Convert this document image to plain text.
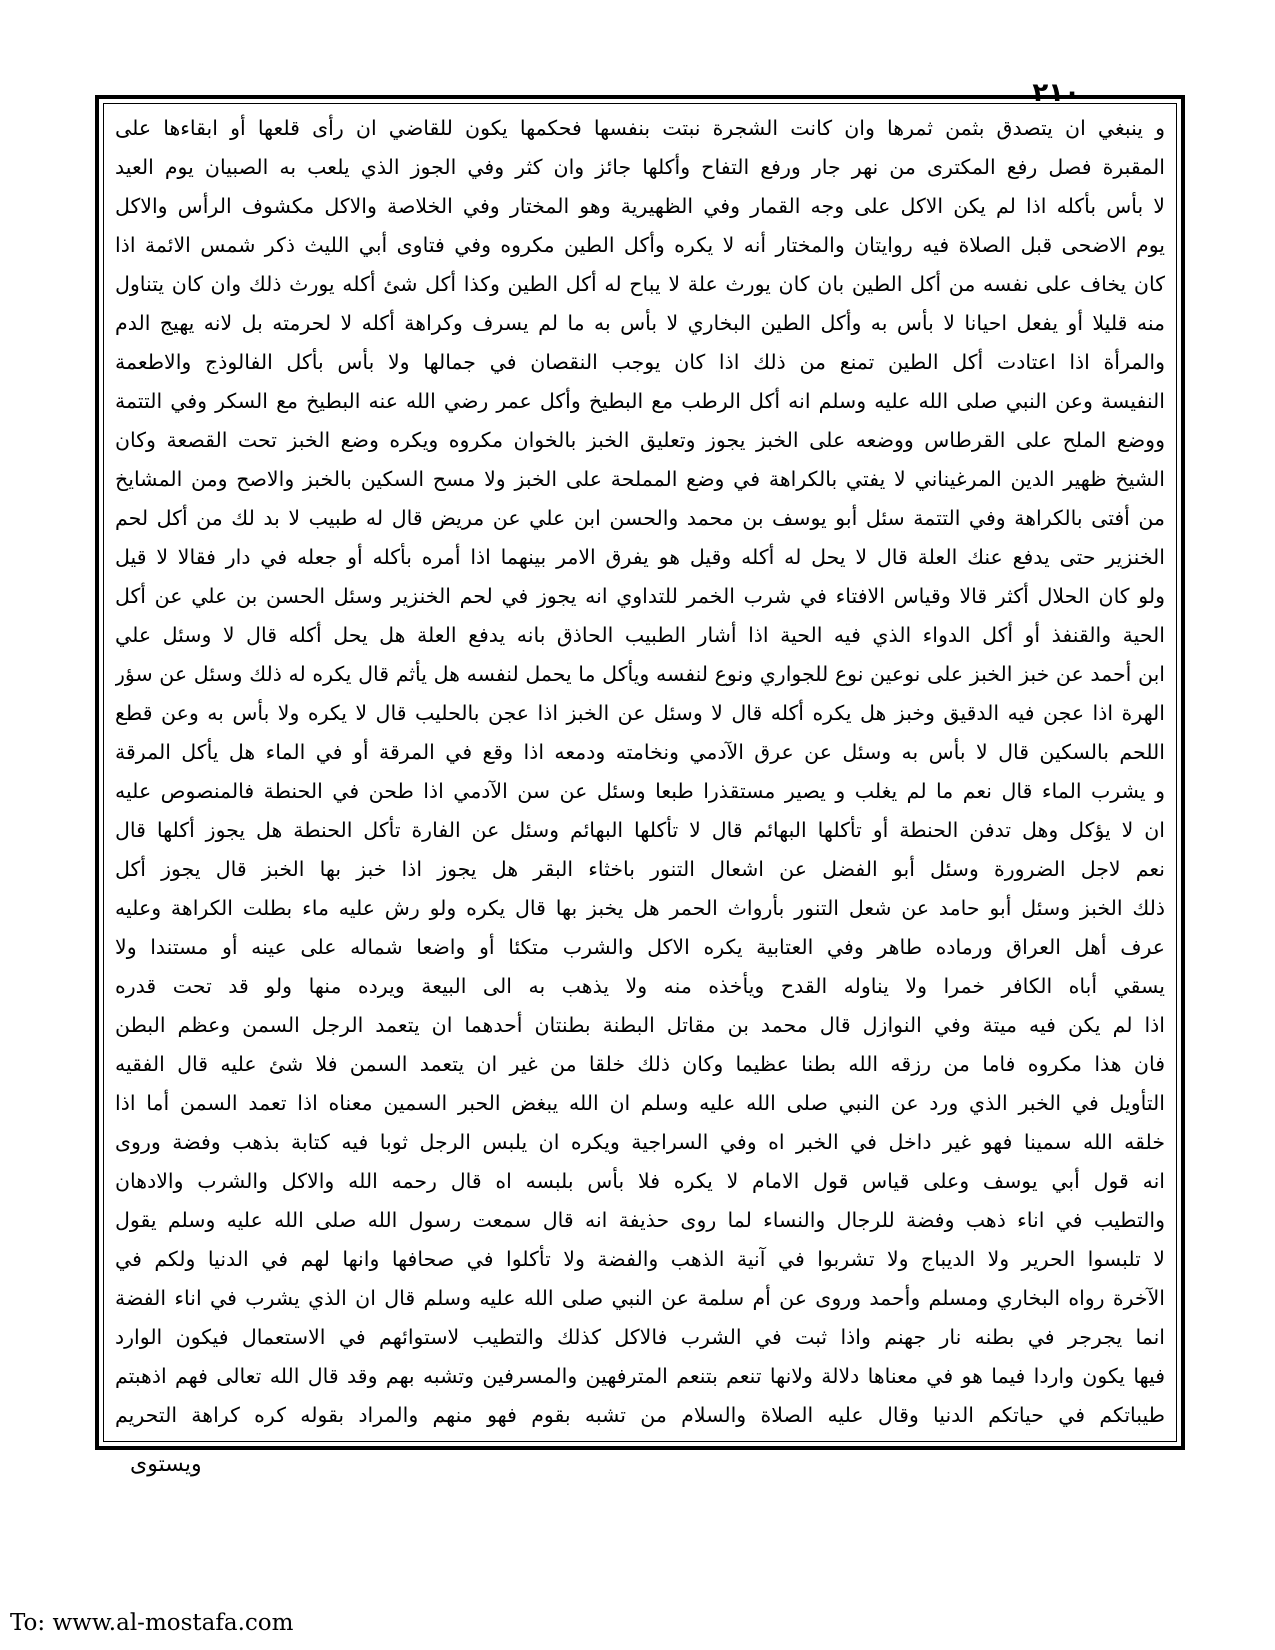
٢١٠
و ينبغي ان يتصدق بثمن ثمرها وان كانت الشجرة نبتت بنفسها فحكمها يكون للقاضي ان رأى قلعها أو ابقاءها على
المقبرة فصل رفع المكترى من نهر جار ورفع التفاح وأكلها جائز وان كثر وفي الجوز الذي يلعب به الصبيان يوم العيد
لا بأس بأكله اذا لم يكن الاكل على وجه القمار وفي الظهيرية وهو المختار وفي الخلاصة والاكل مكشوف الرأس والاكل
يوم الاضحى قبل الصلاة فيه روايتان والمختار أنه لا يكره وأكل الطين مكروه وفي فتاوى أبي الليث ذكر شمس الائمة اذا
كان يخاف على نفسه من أكل الطين بان كان يورث علة لا يباح له أكل الطين وكذا أكل شئ أكله يورث ذلك وان كان يتناول
منه قليلا أو يفعل احيانا لا بأس به وأكل الطين البخاري لا بأس به ما لم يسرف وكراهة أكله لا لحرمته بل لانه يهيج الدم
والمرأة اذا اعتادت أكل الطين تمنع من ذلك اذا كان يوجب النقصان في جمالها ولا بأس بأكل الفالوذج والاطعمة
النفيسة وعن النبي صلى الله عليه وسلم انه أكل الرطب مع البطيخ وأكل عمر رضي الله عنه البطيخ مع السكر وفي التتمة
ووضع الملح على القرطاس ووضعه على الخبز يجوز وتعليق الخبز بالخوان مكروه ويكره وضع الخبز تحت القصعة وكان
الشيخ ظهير الدين المرغيناني لا يفتي بالكراهة في وضع المملحة على الخبز ولا مسح السكين بالخبز والاصح ومن المشايخ
من أفتى بالكراهة وفي التتمة سئل أبو يوسف بن محمد والحسن ابن علي عن مريض قال له طبيب لا بد لك من أكل لحم
الخنزير حتى يدفع عنك العلة قال لا يحل له أكله وقيل هو يفرق الامر بينهما اذا أمره بأكله أو جعله في دار فقالا لا قيل
ولو كان الحلال أكثر قالا وقياس الافتاء في شرب الخمر للتداوي انه يجوز في لحم الخنزير وسئل الحسن بن علي عن أكل
الحية والقنفذ أو أكل الدواء الذي فيه الحية اذا أشار الطبيب الحاذق بانه يدفع العلة هل يحل أكله قال لا وسئل علي
ابن أحمد عن خبز الخبز على نوعين نوع للجواري ونوع لنفسه ويأكل ما يحمل لنفسه هل يأثم قال يكره له ذلك وسئل عن سؤر
الهرة اذا عجن فيه الدقيق وخبز هل يكره أكله قال لا وسئل عن الخبز اذا عجن بالحليب قال لا يكره ولا بأس به وعن قطع
اللحم بالسكين قال لا بأس به وسئل عن عرق الآدمي ونخامته ودمعه اذا وقع في المرقة أو في الماء هل يأكل المرقة
و يشرب الماء قال نعم ما لم يغلب و يصير مستقذرا طبعا وسئل عن سن الآدمي اذا طحن في الحنطة فالمنصوص عليه
ان لا يؤكل وهل تدفن الحنطة أو تأكلها البهائم قال لا تأكلها البهائم وسئل عن الفارة تأكل الحنطة هل يجوز أكلها قال
نعم لاجل الضرورة وسئل أبو الفضل عن اشعال التنور باخثاء البقر هل يجوز اذا خبز بها الخبز قال يجوز أكل
ذلك الخبز وسئل أبو حامد عن شعل التنور بأرواث الحمر هل يخبز بها قال يكره ولو رش عليه ماء بطلت الكراهة وعليه
عرف أهل العراق ورماده طاهر وفي العتابية يكره الاكل والشرب متكئا أو واضعا شماله على عينه أو مستندا ولا
يسقي أباه الكافر خمرا ولا يناوله القدح ويأخذه منه ولا يذهب به الى البيعة ويرده منها ولو قد تحت قدره
اذا لم يكن فيه ميتة وفي النوازل قال محمد بن مقاتل البطنة بطنتان أحدهما ان يتعمد الرجل السمن وعظم البطن
فان هذا مكروه فاما من رزقه الله بطنا عظيما وكان ذلك خلقا من غير ان يتعمد السمن فلا شئ عليه قال الفقيه
التأويل في الخبر الذي ورد عن النبي صلى الله عليه وسلم ان الله يبغض الحبر السمين معناه اذا تعمد السمن أما اذا
خلقه الله سمينا فهو غير داخل في الخبر اه وفي السراجية ويكره ان يلبس الرجل ثوبا فيه كتابة بذهب وفضة وروى
انه قول أبي يوسف وعلى قياس قول الامام لا يكره فلا بأس بلبسه اه قال رحمه الله والاكل والشرب والادهان
والتطيب في اناء ذهب وفضة للرجال والنساء لما روى حذيفة انه قال سمعت رسول الله صلى الله عليه وسلم يقول
لا تلبسوا الحرير ولا الديباج ولا تشربوا في آنية الذهب والفضة ولا تأكلوا في صحافها وانها لهم في الدنيا ولكم في
الآخرة رواه البخاري ومسلم وأحمد وروى عن أم سلمة عن النبي صلى الله عليه وسلم قال ان الذي يشرب في اناء الفضة
انما يجرجر في بطنه نار جهنم واذا ثبت في الشرب فالاكل كذلك والتطيب لاستوائهم في الاستعمال فيكون الوارد
فيها يكون واردا فيما هو في معناها دلالة ولانها تنعم بتنعم المترفهين والمسرفين وتشبه بهم وقد قال الله تعالى فهم اذهبتم
طيباتكم في حياتكم الدنيا وقال عليه الصلاة والسلام من تشبه بقوم فهو منهم والمراد بقوله كره كراهة التحريم
ويستوى
To: www.al-mostafa.com
